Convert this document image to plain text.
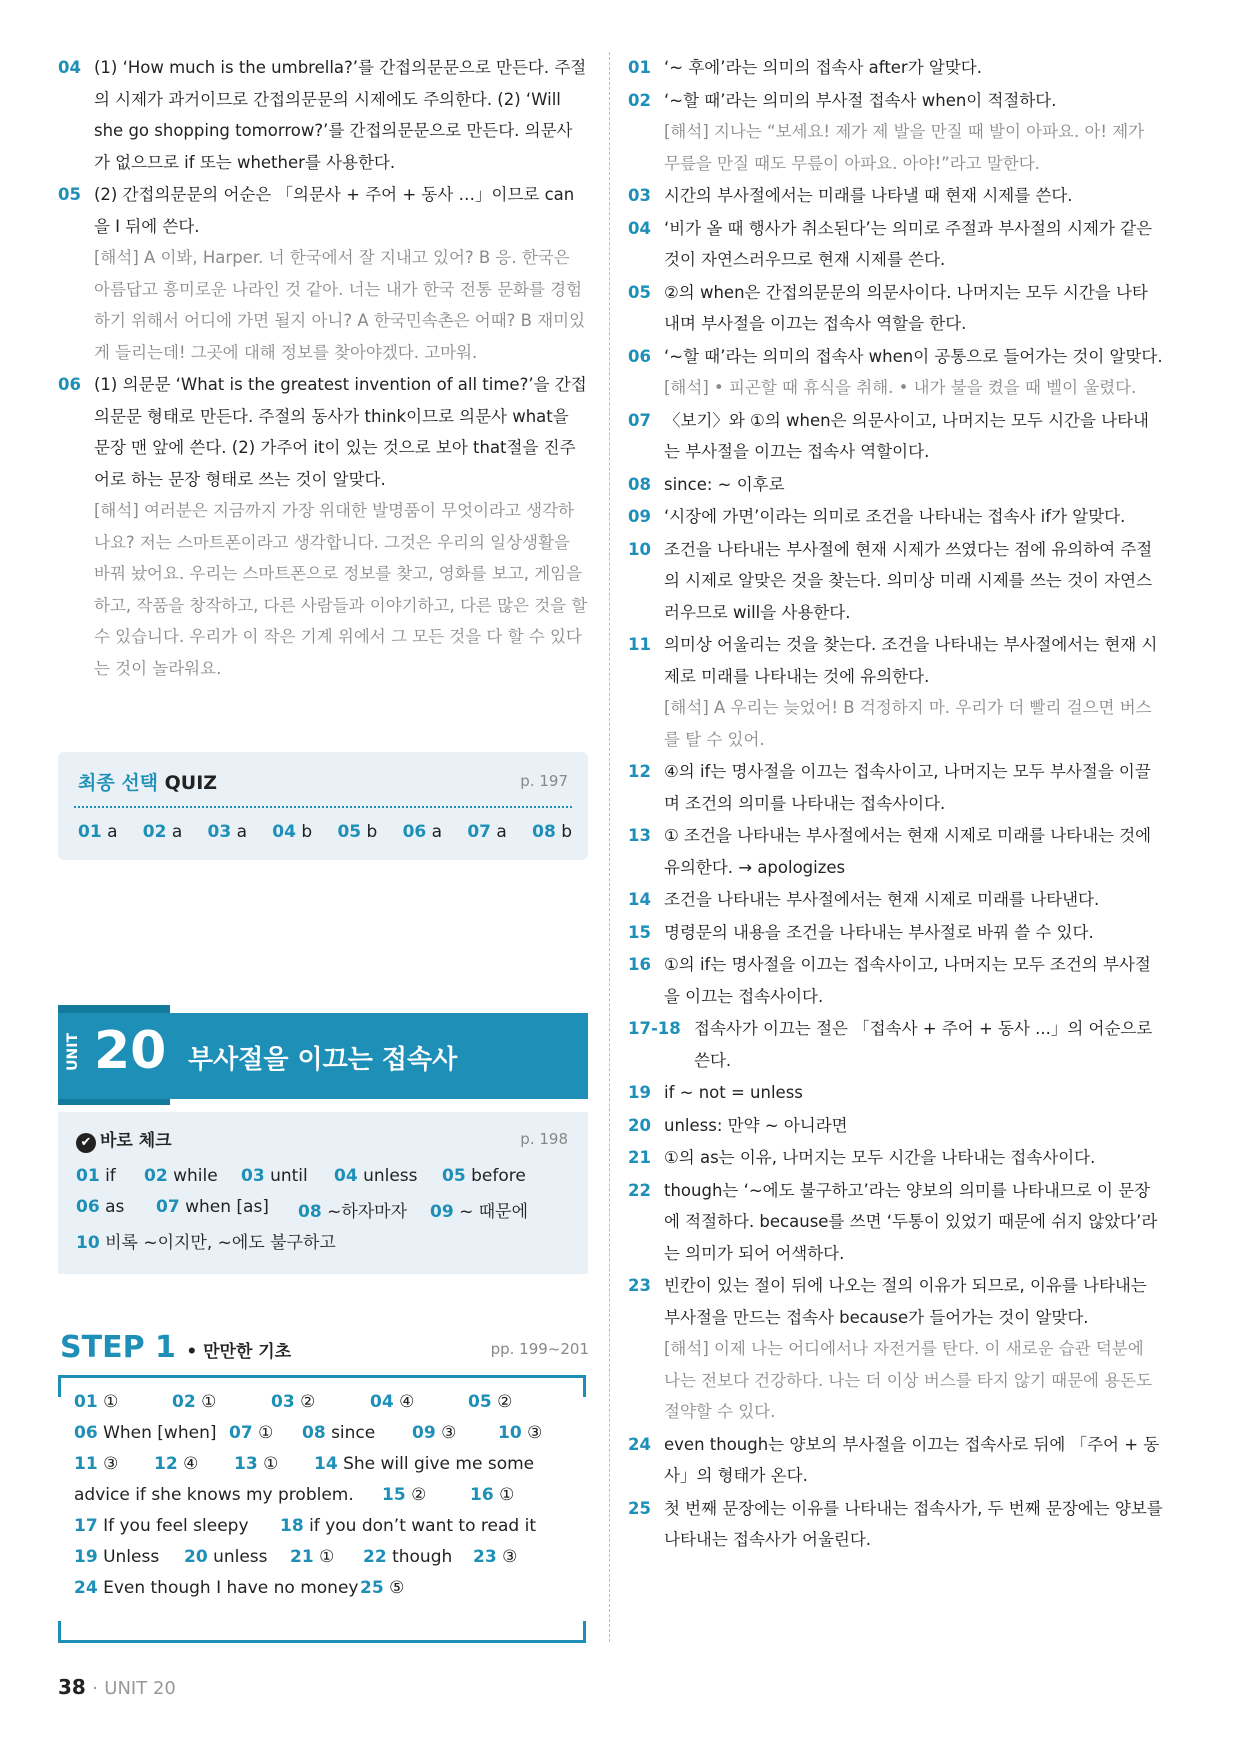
04 (1) ‘How much is the umbrella?’를 간접의문문으로 만든다. 주절의 시제가 과거이므로 간접의문문의 시제에도 주의한다. (2) ‘Will she go shopping tomorrow?’를 간접의문문으로 만든다. 의문사가 없으므로 if 또는 whether를 사용한다.
05 (2) 간접의문문의 어순은 「의문사 + 주어 + 동사 …」이므로 can을 I 뒤에 쓴다.
[해석] A 이봐, Harper. 너 한국에서 잘 지내고 있어? B 응. 한국은 아름답고 흥미로운 나라인 것 같아. 너는 내가 한국 전통 문화를 경험하기 위해서 어디에 가면 될지 아니? A 한국민속촌은 어때? B 재미있게 들리는데! 그곳에 대해 정보를 찾아야겠다. 고마워.
06 (1) 의문문 ‘What is the greatest invention of all time?’을 간접의문문 형태로 만든다. 주절의 동사가 think이므로 의문사 what을 문장 맨 앞에 쓴다. (2) 가주어 it이 있는 것으로 보아 that절을 진주어로 하는 문장 형태로 쓰는 것이 알맞다.
[해석] 여러분은 지금까지 가장 위대한 발명품이 무엇이라고 생각하나요? 저는 스마트폰이라고 생각합니다. 그것은 우리의 일상생활을 바꿔 놨어요. 우리는 스마트폰으로 정보를 찾고, 영화를 보고, 게임을 하고, 작품을 창작하고, 다른 사람들과 이야기하고, 다른 많은 것을 할 수 있습니다. 우리가 이 작은 기계 위에서 그 모든 것을 다 할 수 있다는 것이 놀라워요.
최종 선택 QUIZ	p. 197
01 a 02 a 03 a 04 b 05 b 06 a 07 a 08 b
UNIT 20 부사절을 이끄는 접속사
✔ 바로 체크	p. 198
01 if 02 while 03 until 04 unless 05 before
06 as 07 when [as] 08 ~하자마자 09 ~ 때문에
10 비록 ~이지만, ~에도 불구하고
STEP 1 • 만만한 기초	pp. 199~201
01 ①	02 ①	03 ②	04 ④	05 ②
06 When [when] 07 ① 08 since 09 ③ 10 ③
11 ③ 12 ④ 13 ① 14 She will give me some
advice if she knows my problem. 15 ②	16 ①
17 If you feel sleepy 18 if you don’t want to read it
19 Unless 20 unless 21 ① 22 though 23 ③
24 Even though I have no money 25 ⑤
01 ‘~ 후에’라는 의미의 접속사 after가 알맞다.
02 ‘~할 때’라는 의미의 부사절 접속사 when이 적절하다.
[해석] 지나는 “보세요! 제가 제 발을 만질 때 발이 아파요. 아! 제가 무릎을 만질 때도 무릎이 아파요. 아야!”라고 말한다.
03 시간의 부사절에서는 미래를 나타낼 때 현재 시제를 쓴다.
04 ‘비가 올 때 행사가 취소된다’는 의미로 주절과 부사절의 시제가 같은 것이 자연스러우므로 현재 시제를 쓴다.
05 ②의 when은 간접의문문의 의문사이다. 나머지는 모두 시간을 나타내며 부사절을 이끄는 접속사 역할을 한다.
06 ‘~할 때’라는 의미의 접속사 when이 공통으로 들어가는 것이 알맞다.
[해석] • 피곤할 때 휴식을 취해. • 내가 불을 켰을 때 벨이 울렸다.
07 〈보기〉와 ①의 when은 의문사이고, 나머지는 모두 시간을 나타내는 부사절을 이끄는 접속사 역할이다.
08 since: ~ 이후로
09 ‘시장에 가면’이라는 의미로 조건을 나타내는 접속사 if가 알맞다.
10 조건을 나타내는 부사절에 현재 시제가 쓰였다는 점에 유의하여 주절의 시제로 알맞은 것을 찾는다. 의미상 미래 시제를 쓰는 것이 자연스러우므로 will을 사용한다.
11 의미상 어울리는 것을 찾는다. 조건을 나타내는 부사절에서는 현재 시제로 미래를 나타내는 것에 유의한다.
[해석] A 우리는 늦었어! B 걱정하지 마. 우리가 더 빨리 걸으면 버스를 탈 수 있어.
12 ④의 if는 명사절을 이끄는 접속사이고, 나머지는 모두 부사절을 이끌며 조건의 의미를 나타내는 접속사이다.
13 ① 조건을 나타내는 부사절에서는 현재 시제로 미래를 나타내는 것에 유의한다. → apologizes
14 조건을 나타내는 부사절에서는 현재 시제로 미래를 나타낸다.
15 명령문의 내용을 조건을 나타내는 부사절로 바꿔 쓸 수 있다.
16 ①의 if는 명사절을 이끄는 접속사이고, 나머지는 모두 조건의 부사절을 이끄는 접속사이다.
17-18 접속사가 이끄는 절은 「접속사 + 주어 + 동사 ...」의 어순으로 쓴다.
19 if ~ not = unless
20 unless: 만약 ~ 아니라면
21 ①의 as는 이유, 나머지는 모두 시간을 나타내는 접속사이다.
22 though는 ‘~에도 불구하고’라는 양보의 의미를 나타내므로 이 문장에 적절하다. because를 쓰면 ‘두통이 있었기 때문에 쉬지 않았다’라는 의미가 되어 어색하다.
23 빈칸이 있는 절이 뒤에 나오는 절의 이유가 되므로, 이유를 나타내는 부사절을 만드는 접속사 because가 들어가는 것이 알맞다.
[해석] 이제 나는 어디에서나 자전거를 탄다. 이 새로운 습관 덕분에 나는 전보다 건강하다. 나는 더 이상 버스를 타지 않기 때문에 용돈도 절약할 수 있다.
24 even though는 양보의 부사절을 이끄는 접속사로 뒤에 「주어 + 동사」의 형태가 온다.
25 첫 번째 문장에는 이유를 나타내는 접속사가, 두 번째 문장에는 양보를 나타내는 접속사가 어울린다.
38 · UNIT 20
